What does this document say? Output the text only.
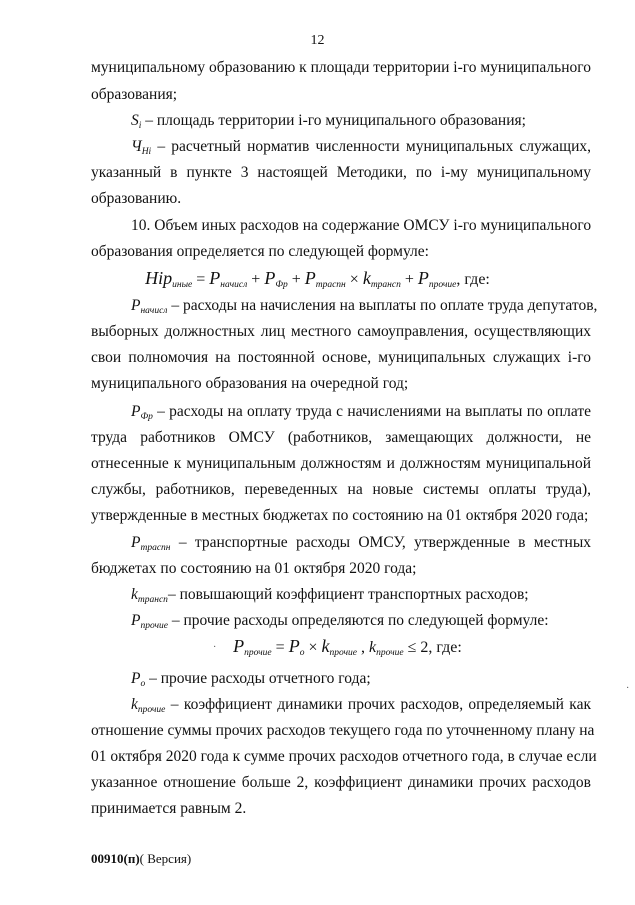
12
муниципальному образованию к площади территории i-го муниципального
образования;
$S_i$ – площадь территории i-го муниципального образования;
$Ч_{Hi}$ – расчетный норматив численности муниципальных служащих,
указанный в пункте 3 настоящей Методики, по i-му муниципальному
образованию.
10. Объем иных расходов на содержание ОМСУ i-го муниципального
образования определяется по следующей формуле:
$Hip_{иные} = P_{начисл} + P_{Фр} + P_{трасnн} \times k_{трансп} + P_{прочие}$, где:
$P_{начисл}$ – расходы на начисления на выплаты по оплате труда депутатов,
выборных должностных лиц местного самоуправления, осуществляющих
свои полномочия на постоянной основе, муниципальных служащих i-го
муниципального образования на очередной год;
$P_{Фр}$ – расходы на оплату труда с начислениями на выплаты по оплате
труда работников ОМСУ (работников, замещающих должности, не
отнесенные к муниципальным должностям и должностям муниципальной
службы, работников, переведенных на новые системы оплаты труда),
утвержденные в местных бюджетах по состоянию на 01 октября 2020 года;
$P_{трасnн}$ – транспортные расходы ОМСУ, утвержденные в местных
бюджетах по состоянию на 01 октября 2020 года;
$k_{трансп}-$ повышающий коэффициент транспортных расходов;
$P_{прочие}$ – прочие расходы определяются по следующей формуле:
· $P_{прочие} = P_o \times k_{прочие}$ , $k_{прочие} \le 2$, где:
$P_o$ – прочие расходы отчетного года;
$k_{прочие}$ – коэффициент динамики прочих расходов, определяемый как
отношение суммы прочих расходов текущего года по уточненному плану на
01 октября 2020 года к сумме прочих расходов отчетного года, в случае если
указанное отношение больше 2, коэффициент динамики прочих расходов
принимается равным 2.
·
00910(п)( Версия)
